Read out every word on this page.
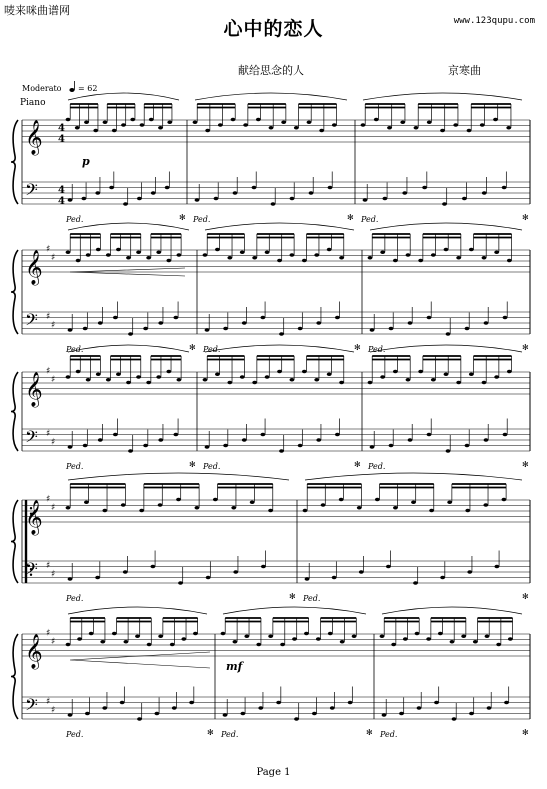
唛来咪曲谱网
www.123qupu.com
心中的恋人
献给思念的人	京寒曲
Moderato = 62
Piano
Page 1
𝄞
𝄢
4
4
4
4
Ped.	✻ Ped.	✻ Ped.	✻
𝄞
𝄢
♯
♯
♯
♯
Ped.	✻ Ped.	✻ Ped.	✻
𝄞
𝄢
♯
♯
♯
♯
Ped.	✻ Ped.	✻ Ped.	✻
𝄞
𝄢
♯
♯
♯
♯
Ped.	✻ Ped.	✻
𝄞
𝄢
♯
♯
♯
♯
Ped.	✻ Ped.	✻ Ped.	✻
p
mf
